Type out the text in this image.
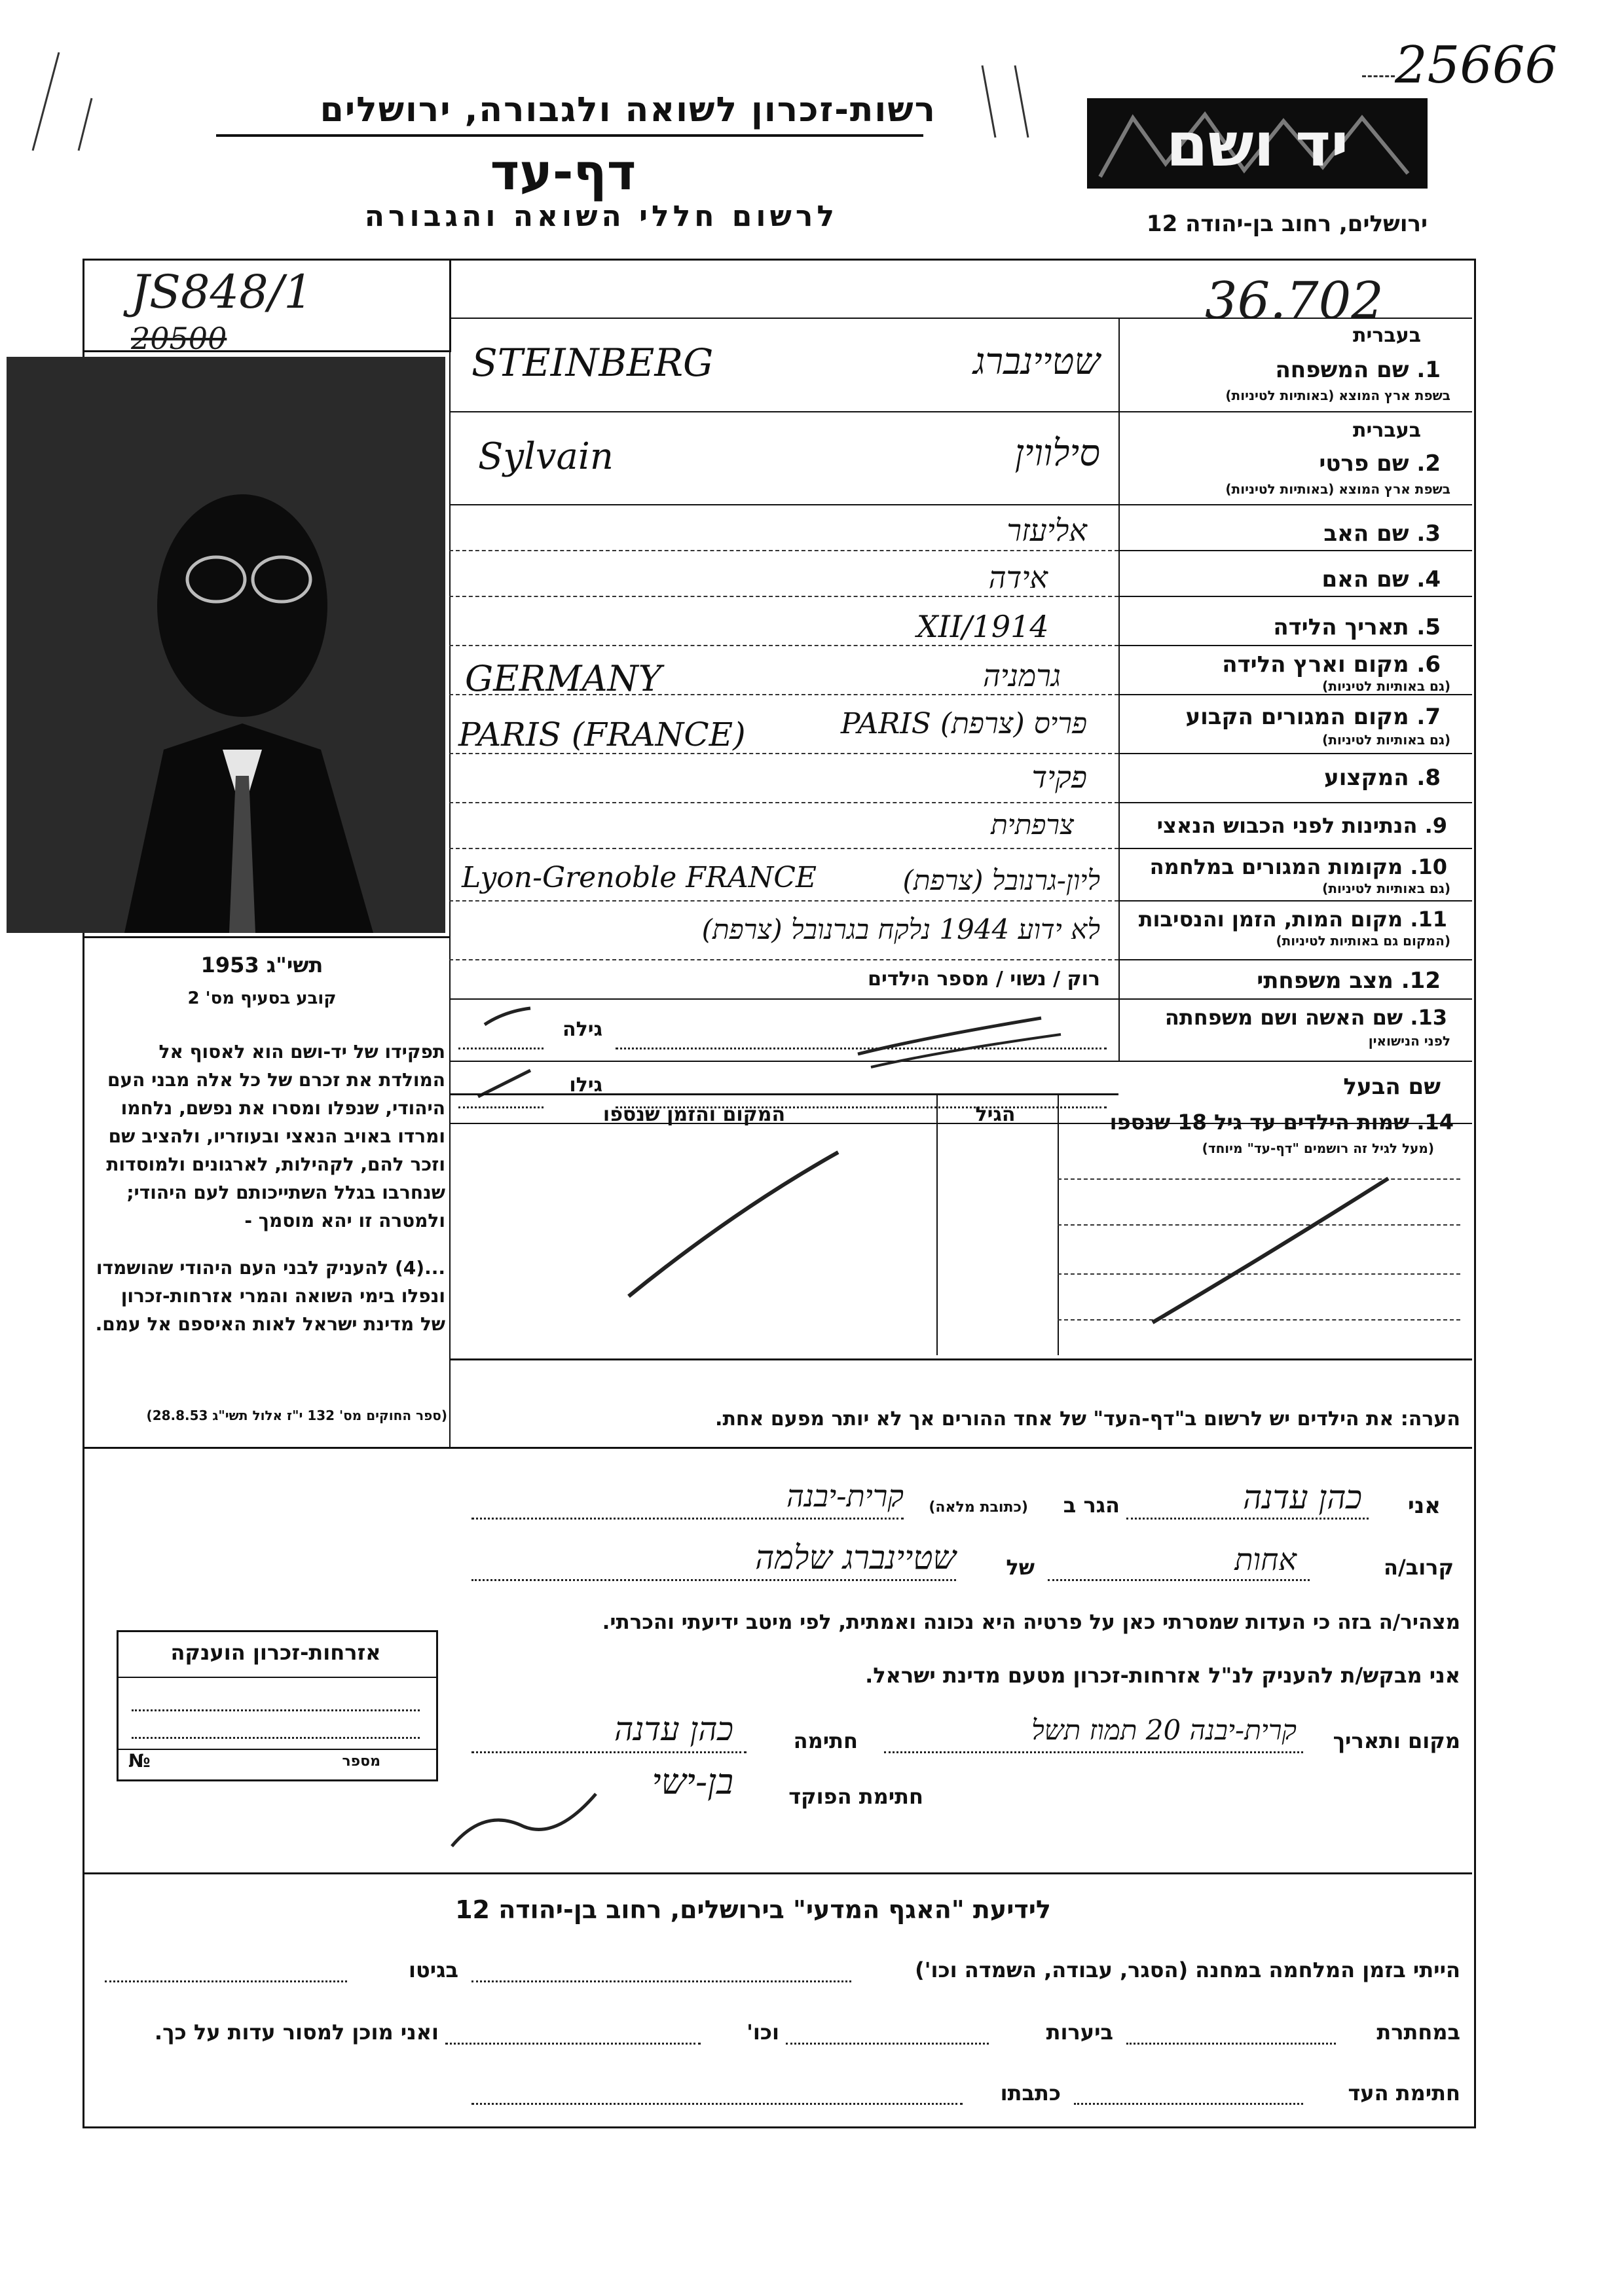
25666
רשות-זכרון לשואה ולגבורה, ירושלים
דף-עד
לרשום חללי השואה והגבורה
יד ושם
ירושלים, רחוב בן-יהודה 12
JS848/1
20500
36.702
בעברית
1. שם המשפחה
בשפת ארץ המוצא (באותיות לטיניות)
STEINBERG	שטיינברג
בעברית
2. שם פרטי
בשפת ארץ המוצא (באותיות לטיניות)
Sylvain	סילווין
3. שם האב
אליעזר
4. שם האם
אידה
5. תאריך הלידה
XII/1914
6. מקום וארץ הלידה
(גם באותיות לטיניות)
GERMANY	גרמניה
7. מקום המגורים הקבוע
(גם באותיות לטיניות)
PARIS (FRANCE)	פריס (צרפת) PARIS
8. המקצוע
פקיד
9. הנתינות לפני הכבוש הנאצי
צרפתית
10. מקומות המגורים במלחמה
(גם באותיות לטיניות)
Lyon-Grenoble FRANCE	ליון-גרנובל (צרפת)
11. מקום המות, הזמן והנסיבות
(המקום גם באותיות לטיניות)
לא ידוע 1944 נלקח בגרנובל (צרפת)
12. מצב משפחתי
רוק / נשוי / מספר הילדים
13. שם האשה ושם משפחתה
לפני הנישואין
גילה
שם הבעל
גילו
14. שמות הילדים עד גיל 18 שנספו
(מעל לגיל זה רושמים "דף-עד" מיוחד)
הגיל
המקום והזמן שנספו
הערה: את הילדים יש לרשום ב"דף-העד" של אחד ההורים אך לא יותר מפעם אחת.
תשי"ג 1953
קובע בסעיף מס' 2
תפקידו של יד-ושם הוא לאסוף אל המולדת את זכרם של כל אלה מבני העם היהודי, שנפלו ומסרו את נפשם, נלחמו ומרדו באויב הנאצי ובעוזריו, ולהציב שם וזכר להם, לקהילות, לארגונים ולמוסדות שנחרבו בגלל השתייכותם לעם היהודי; ולמטרה זו יהא מוסמך -
...(4) להעניק לבני העם היהודי שהושמדו ונפלו בימי השואה והמרי אזרחות-זכרון של מדינת ישראל לאות האיספם אל עמם.
(ספר החוקים מס' 132 י"ז אלול תשי"ג 28.8.53)
אני
כהן עדנה
הגר ב
(כתובת מלאה)
קרית-יבנה
קרוב/ה
אחות
של
שטיינברג שלמה
מצהיר/ה בזה כי העדות שמסרתי כאן על פרטיה היא נכונה ואמתית, לפי מיטב ידיעתי והכרתי.
אני מבקש/ת להעניק לנ"ל אזרחות-זכרון מטעם מדינת ישראל.
מקום ותאריך
קרית-יבנה 20 תמוז תשל
חתימה
כהן עדנה
חתימת הפוקד
בן-ישי
אזרחות-זכרון הוענקה
מספר
№
לידיעת "האגף המדעי" בירושלים, רחוב בן-יהודה 12
הייתי בזמן המלחמה במחנה (הסגר, עבודה, השמדה וכו')
בגיטו
במחתרת
ביערות
וכו'
ואני מוכן למסור עדות על כך.
חתימת העד
כתבתו
